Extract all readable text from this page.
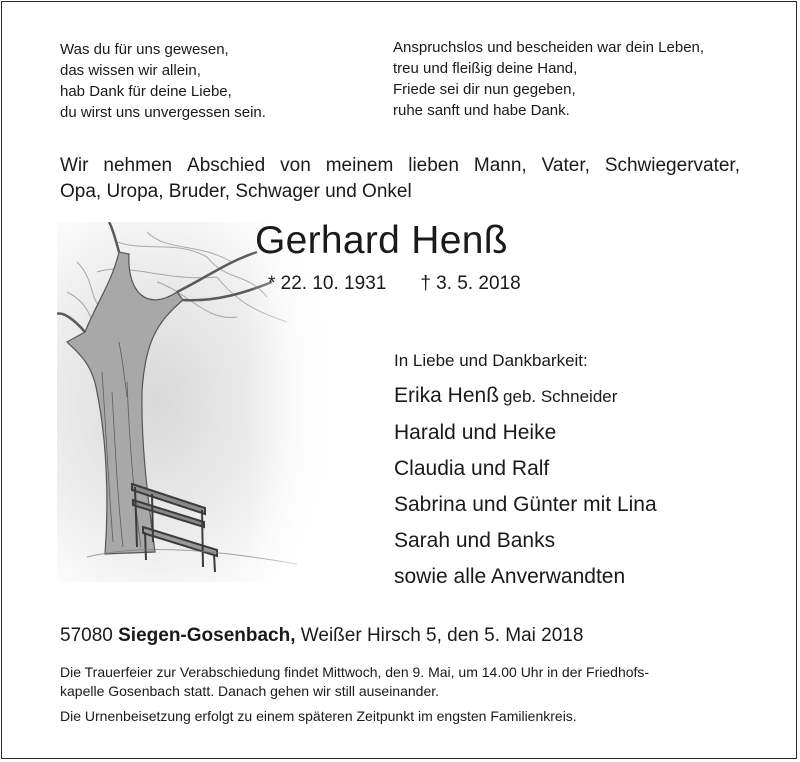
Was du für uns gewesen,
das wissen wir allein,
hab Dank für deine Liebe,
du wirst uns unvergessen sein.
Anspruchslos und bescheiden war dein Leben,
treu und fleißig deine Hand,
Friede sei dir nun gegeben,
ruhe sanft und habe Dank.
Wir nehmen Abschied von meinem lieben Mann, Vater, Schwiegervater,
Opa, Uropa, Bruder, Schwager und Onkel
Gerhard Henß
* 22. 10. 1931 † 3. 5. 2018
In Liebe und Dankbarkeit:
Erika Henß geb. Schneider
Harald und Heike
Claudia und Ralf
Sabrina und Günter mit Lina
Sarah und Banks
sowie alle Anverwandten
57080 Siegen-Gosenbach, Weißer Hirsch 5, den 5. Mai 2018
Die Trauerfeier zur Verabschiedung findet Mittwoch, den 9. Mai, um 14.00 Uhr in der Friedhofs-
kapelle Gosenbach statt. Danach gehen wir still auseinander.
Die Urnenbeisetzung erfolgt zu einem späteren Zeitpunkt im engsten Familienkreis.
